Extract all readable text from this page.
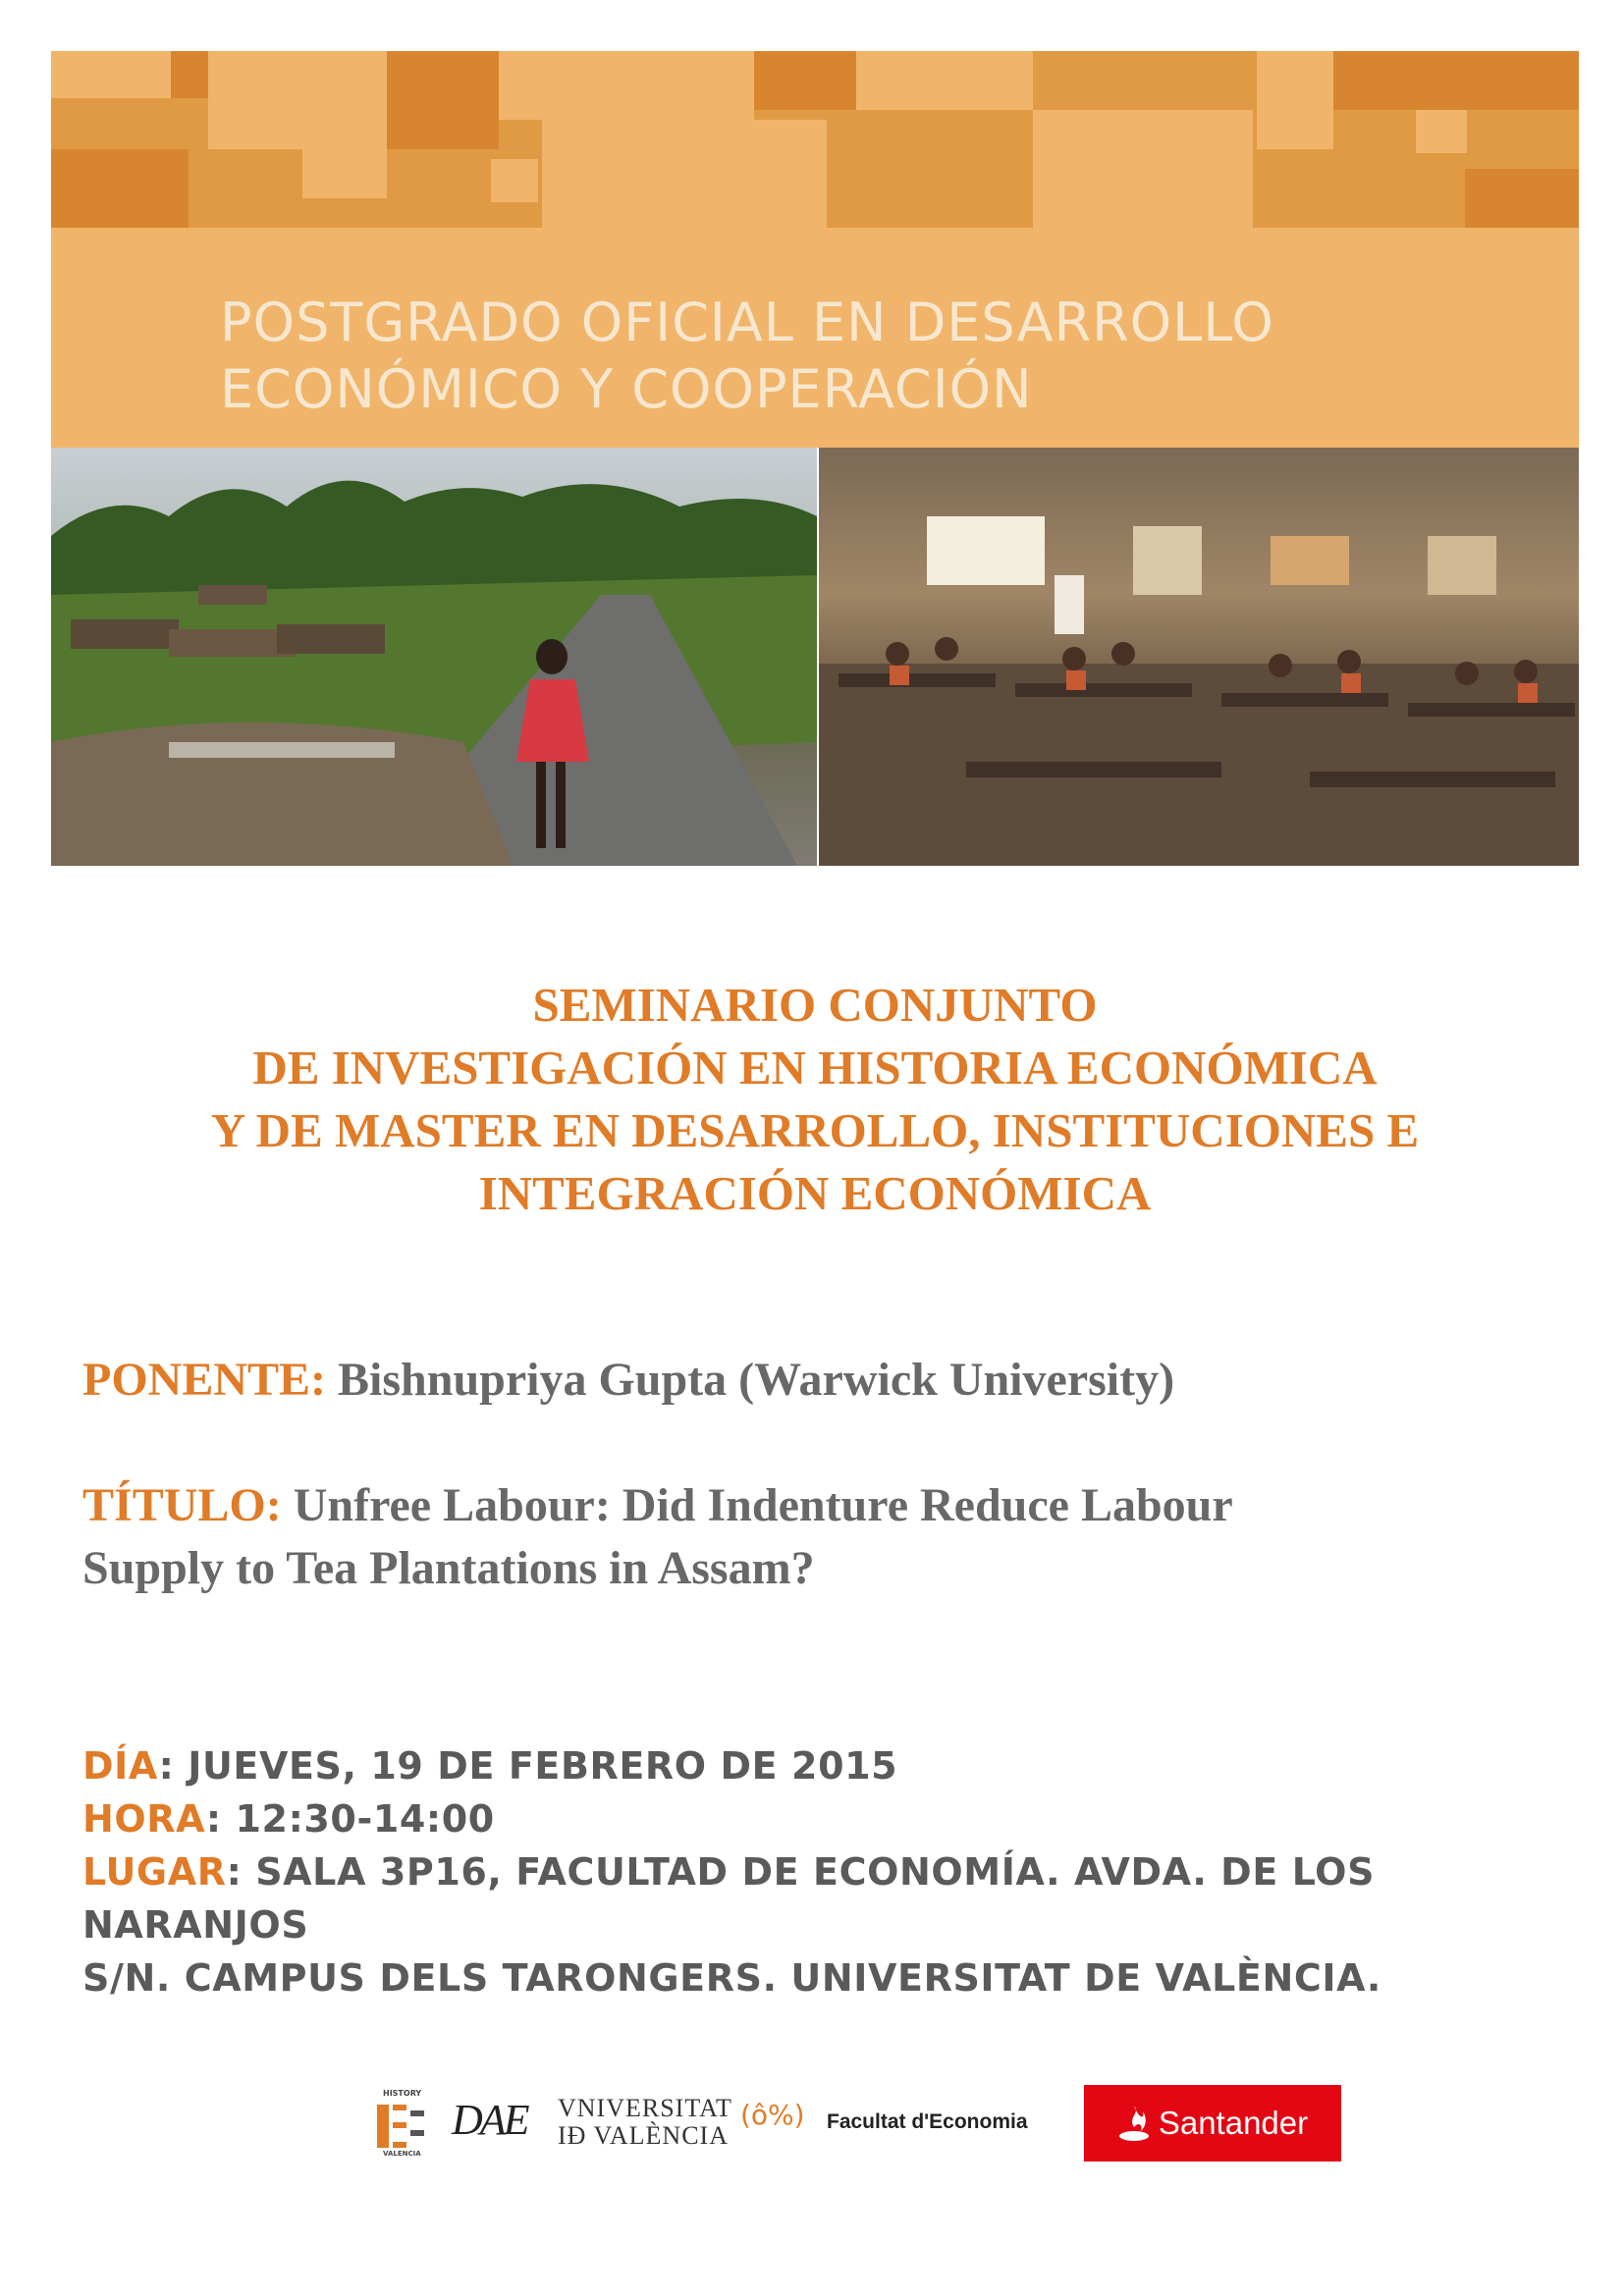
POSTGRADO OFICIAL EN DESARROLLO
ECONÓMICO Y COOPERACIÓN
SEMINARIO CONJUNTO
DE INVESTIGACIÓN EN HISTORIA ECONÓMICA
Y DE MASTER EN DESARROLLO, INSTITUCIONES E
INTEGRACIÓN ECONÓMICA
PONENTE: Bishnupriya Gupta (Warwick University)
TÍTULO: Unfree Labour: Did Indenture Reduce Labour
Supply to Tea Plantations in Assam?
DÍA: JUEVES, 19 DE FEBRERO DE 2015
HORA: 12:30-14:00
LUGAR: SALA 3P16, FACULTAD DE ECONOMÍA. AVDA. DE LOS NARANJOS
S/N. CAMPUS DELS TARONGERS. UNIVERSITAT DE VALÈNCIA.
HISTORY
VALENCIA
DAE VNIVERSITAT
IÐ VALÈNCIA
(ô%)	Facultat d'Economia	Santander
